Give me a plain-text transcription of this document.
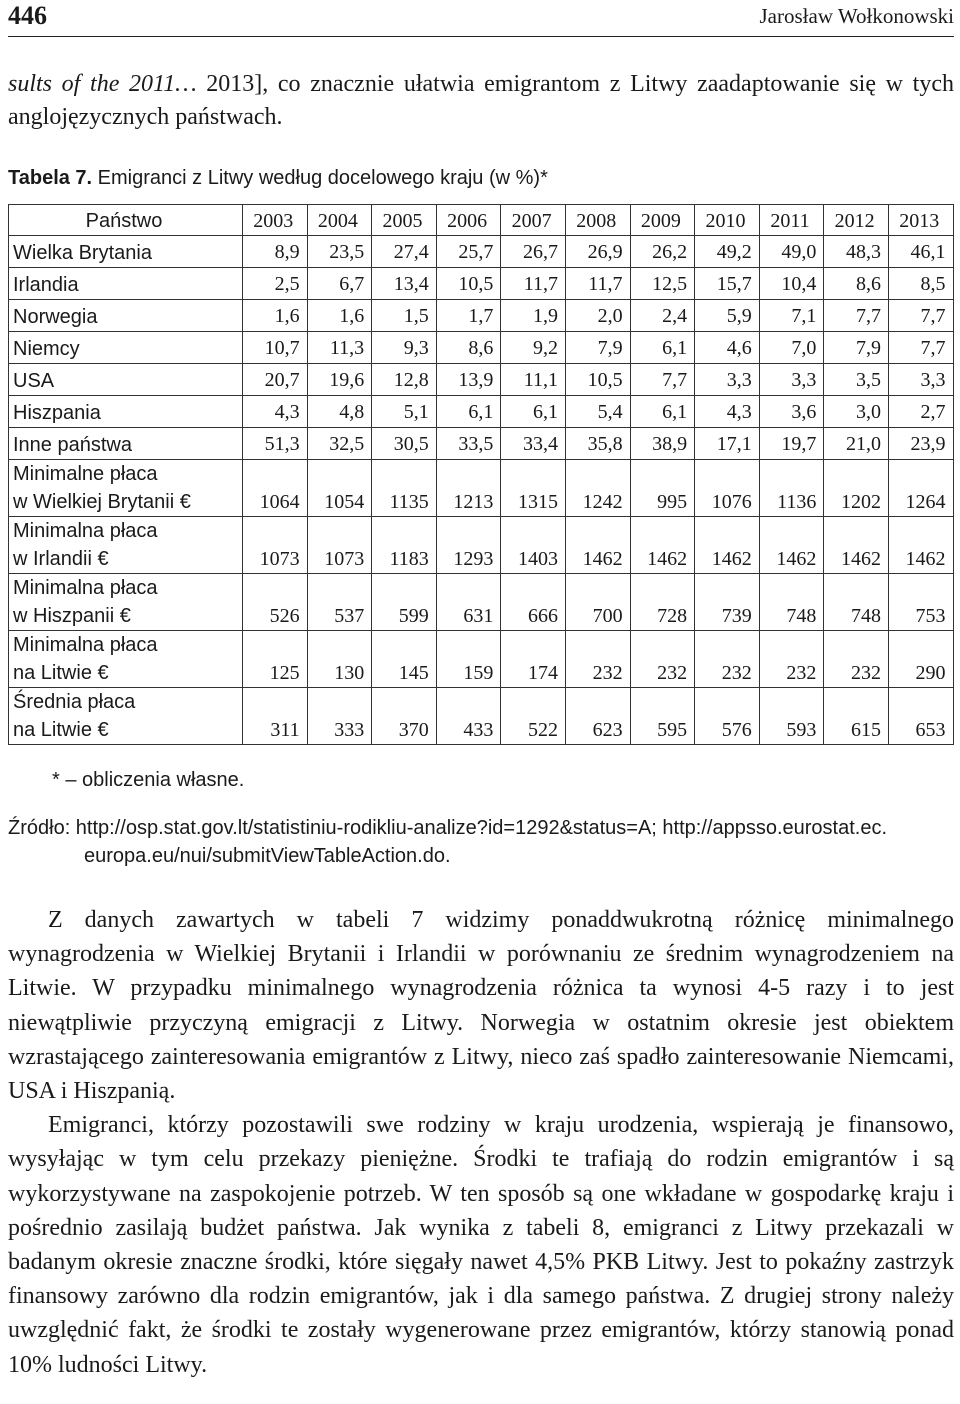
446	Jarosław Wołkonowski
sults of the 2011… 2013], co znacznie ułatwia emigrantom z Litwy zaadaptowanie się w tych anglojęzycznych państwach.
Tabela 7. Emigranci z Litwy według docelowego kraju (w %)*
Państwo	2003	2004	2005	2006	2007	2008	2009	2010	2011	2012	2013
Wielka Brytania	8,9	23,5	27,4	25,7	26,7	26,9	26,2	49,2	49,0	48,3	46,1
Irlandia	2,5	6,7	13,4	10,5	11,7	11,7	12,5	15,7	10,4	8,6	8,5
Norwegia	1,6	1,6	1,5	1,7	1,9	2,0	2,4	5,9	7,1	7,7	7,7
Niemcy	10,7	11,3	9,3	8,6	9,2	7,9	6,1	4,6	7,0	7,9	7,7
USA	20,7	19,6	12,8	13,9	11,1	10,5	7,7	3,3	3,3	3,5	3,3
Hiszpania	4,3	4,8	5,1	6,1	6,1	5,4	6,1	4,3	3,6	3,0	2,7
Inne państwa	51,3	32,5	30,5	33,5	33,4	35,8	38,9	17,1	19,7	21,0	23,9

Minimalne płaca
w Wielkiej Brytanii €	1064	1054	1135	1213	1315	1242	995	1076	1136	1202	1264

Minimalna płaca
w Irlandii €	1073	1073	1183	1293	1403	1462	1462	1462	1462	1462	1462

Minimalna płaca
w Hiszpanii €	526	537	599	631	666	700	728	739	748	748	753

Minimalna płaca
na Litwie €	125	130	145	159	174	232	232	232	232	232	290

Średnia płaca
na Litwie €	311	333	370	433	522	623	595	576	593	615	653
* – obliczenia własne.
Źródło: http://osp.stat.gov.lt/statistiniu-rodikliu-analize?id=1292&status=A; http://appsso.eurostat.ec.
europa.eu/nui/submitViewTableAction.do.

Z danych zawartych w tabeli 7 widzimy ponaddwukrotną różnicę minimalnego wynagrodzenia w Wielkiej Brytanii i Irlandii w porównaniu ze średnim wynagrodzeniem na Litwie. W przypadku minimalnego wynagrodzenia różnica ta wynosi 4-5 razy i to jest niewątpliwie przyczyną emigracji z Litwy. Norwegia w ostatnim okresie jest obiektem wzrastającego zainteresowania emigrantów z Litwy, nieco zaś spadło zainteresowanie Niemcami, USA i Hiszpanią.

Emigranci, którzy pozostawili swe rodziny w kraju urodzenia, wspierają je finansowo, wysyłając w tym celu przekazy pieniężne. Środki te trafiają do rodzin emigrantów i są wykorzystywane na zaspokojenie potrzeb. W ten sposób są one wkładane w gospodarkę kraju i pośrednio zasilają budżet państwa. Jak wynika z tabeli 8, emigranci z Litwy przekazali w badanym okresie znaczne środki, które sięgały nawet 4,5% PKB Litwy. Jest to pokaźny zastrzyk finansowy zarówno dla rodzin emigrantów, jak i dla samego państwa. Z drugiej strony należy uwzględnić fakt, że środki te zostały wygenerowane przez emigrantów, którzy stanowią ponad 10% ludności Litwy.
